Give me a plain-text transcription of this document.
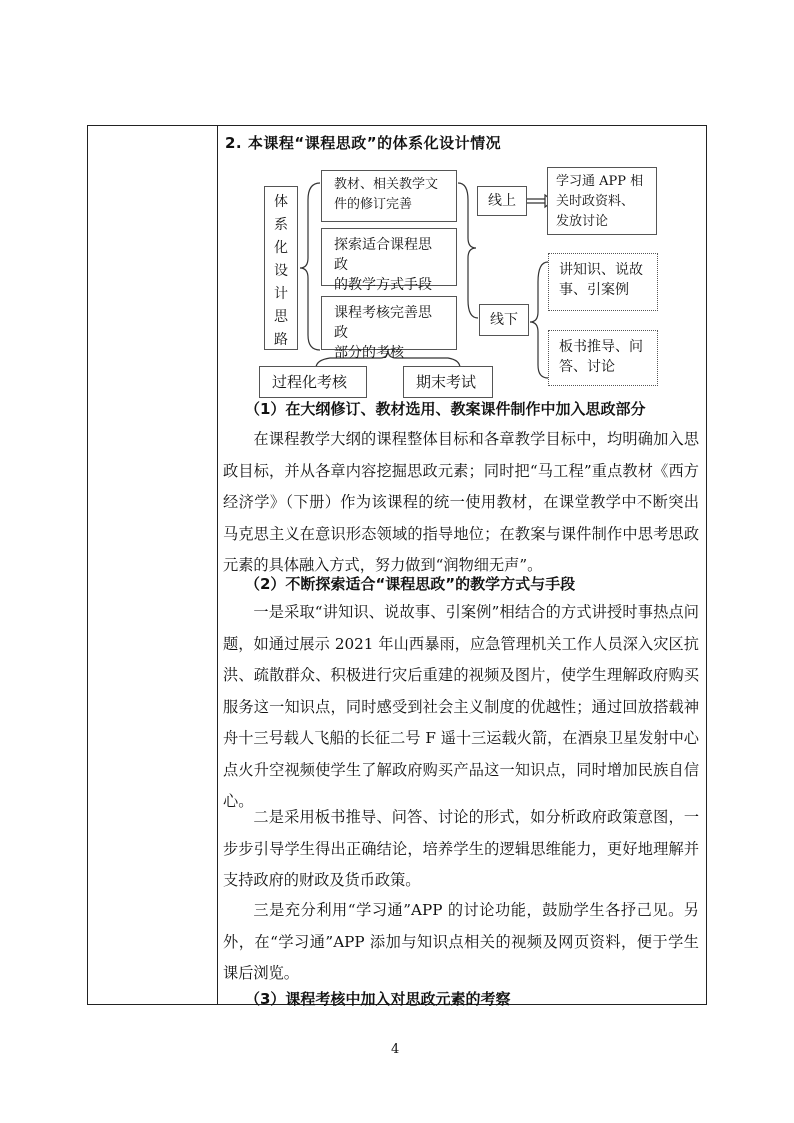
2. 本课程“课程思政”的体系化设计情况
体
系
化
设
计
思
路
教材、相关教学文
件的修订完善
探索适合课程思政
的教学方式手段
课程考核完善思政
部分的考核
线上
线下
学习通 APP 相
关时政资料、
发放讨论
讲知识、说故
事、引案例
板书推导、问
答、讨论
过程化考核	期末考试
（1）在大纲修订、教材选用、教案课件制作中加入思政部分

在课程教学大纲的课程整体目标和各章教学目标中，均明确加入思政目标，并从各章内容挖掘思政元素；同时把“马工程”重点教材《西方经济学》（下册）作为该课程的统一使用教材，在课堂教学中不断突出马克思主义在意识形态领域的指导地位；在教案与课件制作中思考思政元素的具体融入方式，努力做到“润物细无声”。

（2）不断探索适合“课程思政”的教学方式与手段

一是采取“讲知识、说故事、引案例”相结合的方式讲授时事热点问题，如通过展示 2021 年山西暴雨，应急管理机关工作人员深入灾区抗洪、疏散群众、积极进行灾后重建的视频及图片，使学生理解政府购买服务这一知识点，同时感受到社会主义制度的优越性；通过回放搭载神舟十三号载人飞船的长征二号 F 遥十三运载火箭，在酒泉卫星发射中心点火升空视频使学生了解政府购买产品这一知识点，同时增加民族自信心。

二是采用板书推导、问答、讨论的形式，如分析政府政策意图，一步步引导学生得出正确结论，培养学生的逻辑思维能力，更好地理解并支持政府的财政及货币政策。

三是充分利用“学习通”APP 的讨论功能，鼓励学生各抒己见。另外，在“学习通”APP 添加与知识点相关的视频及网页资料，便于学生课后浏览。

（3）课程考核中加入对思政元素的考察
4
